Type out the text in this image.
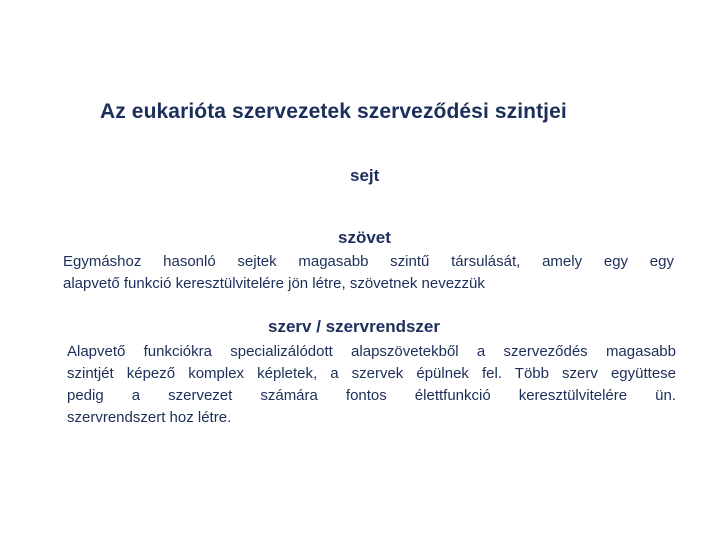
Az eukarióta szervezetek szerveződési szintjei
sejt
szövet
Egymáshoz hasonló sejtek magasabb szintű társulását, amely egy egy
alapvető funkció keresztülvitelére jön létre, szövetnek nevezzük
szerv / szervrendszer
Alapvető funkciókra specializálódott alapszövetekből a szerveződés magasabb
szintjét képező komplex képletek, a szervek épülnek fel. Több szerv együttese
pedig a szervezet számára fontos élettfunkció keresztülvitelére ün.
szervrendszert hoz létre.
